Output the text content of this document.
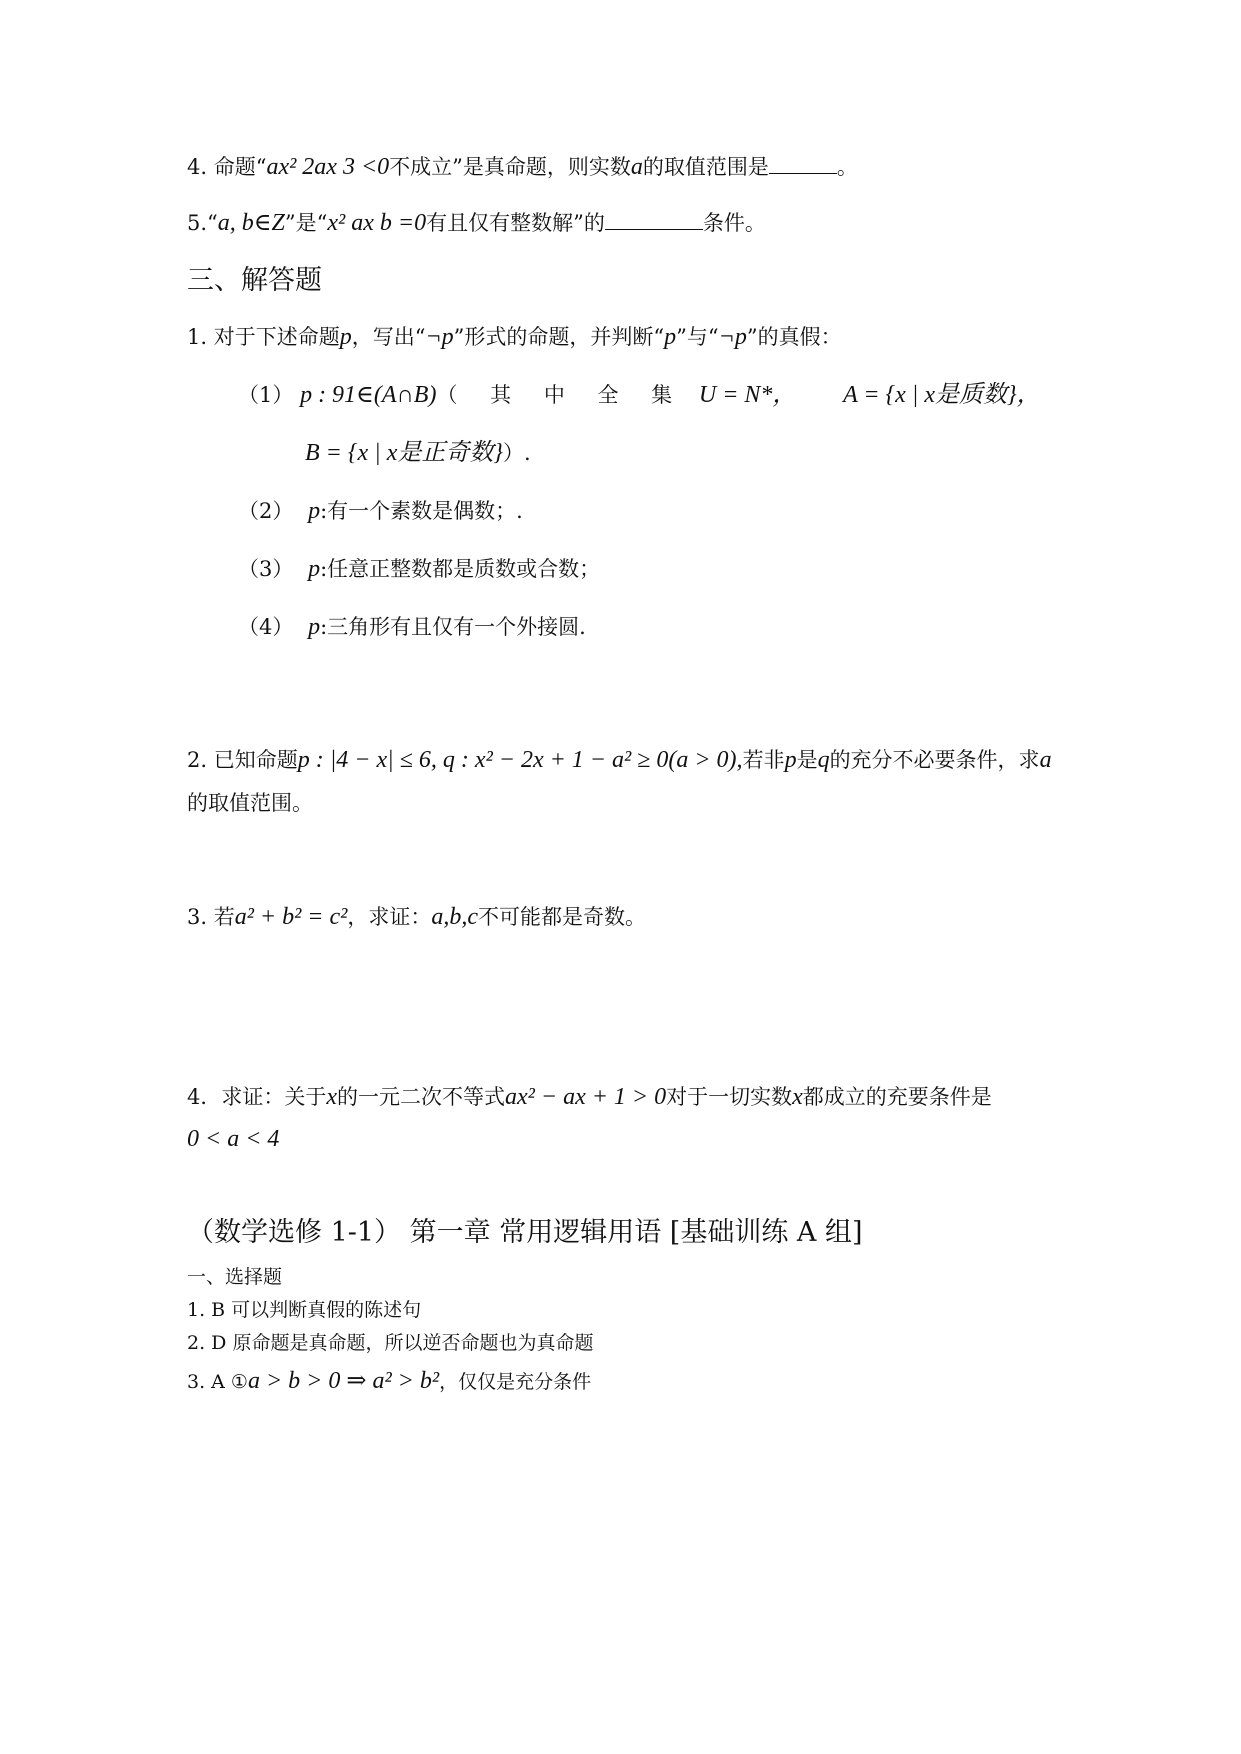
4. 命题“ax² 2ax 3 <0不成立”是真命题，则实数a的取值范围是	。
5.“a, b∈Z”是“x² ax b =0有且仅有整数解”的	条件。
三、解答题
1. 对于下述命题p，写出“¬p”形式的命题，并判断“p”与“¬p”的真假：
（1） p : 91∈(A∩B)（ 其 中 全 集 U = N*， A = {x | x是质数}，
B = {x | x是正奇数}）.
（2） p:有一个素数是偶数；.
（3） p:任意正整数都是质数或合数；
（4） p:三角形有且仅有一个外接圆.
2. 已知命题p : |4 − x| ≤ 6, q : x² − 2x + 1 − a² ≥ 0(a > 0),若非p是q的充分不必要条件，求a
的取值范围。
3. 若a² + b² = c²，求证：a,b,c不可能都是奇数。
4．求证：关于x的一元二次不等式ax² − ax + 1 > 0对于一切实数x都成立的充要条件是
0 < a < 4
（数学选修 1-1） 第一章 常用逻辑用语 [基础训练 A 组]
一、选择题
1. B 可以判断真假的陈述句
2. D 原命题是真命题，所以逆否命题也为真命题
3. A ①a > b > 0 ⇒ a² > b²，仅仅是充分条件
